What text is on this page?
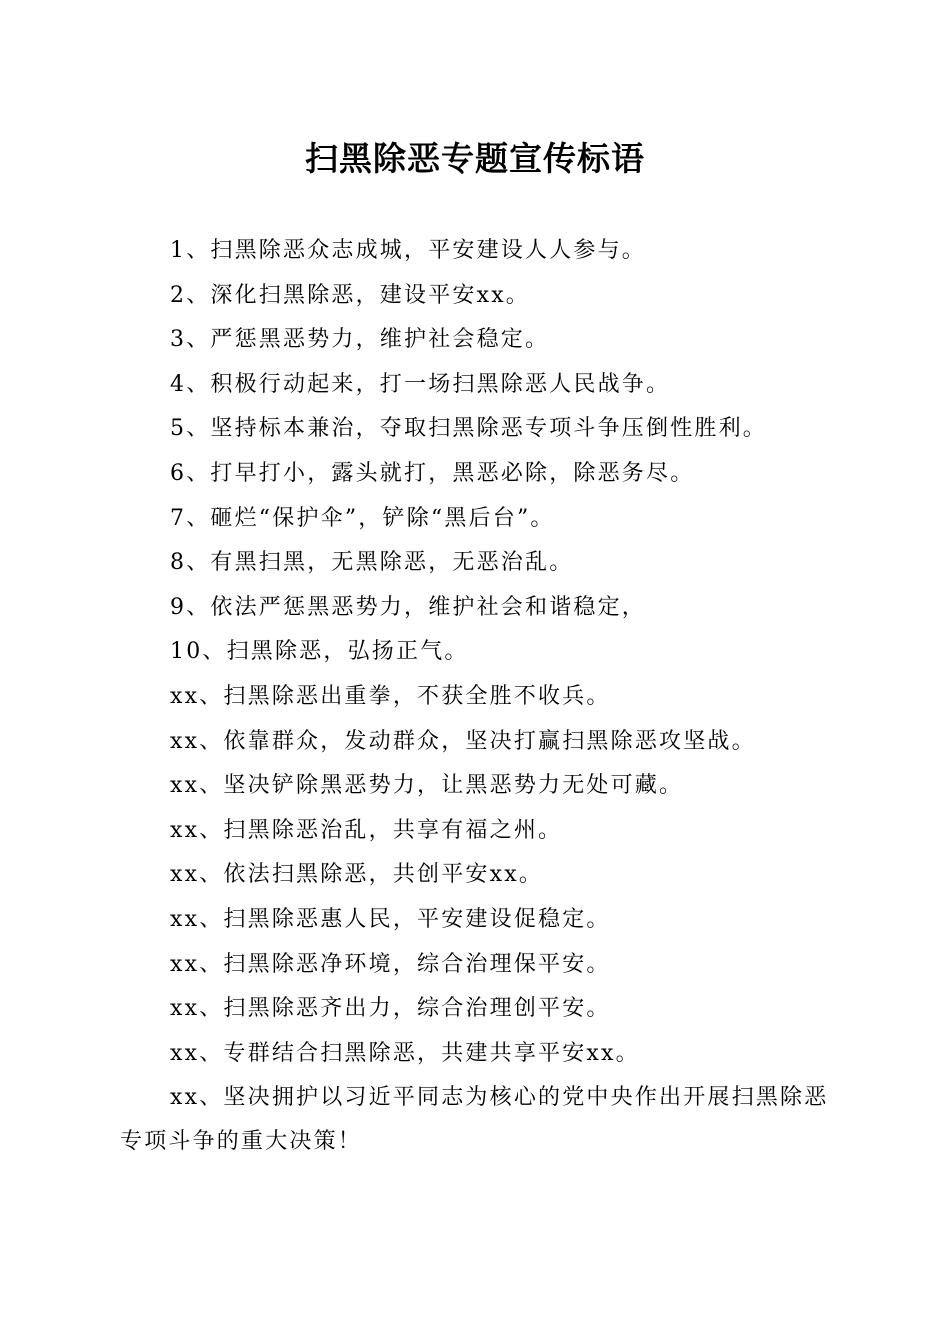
扫黑除恶专题宣传标语
1、扫黑除恶众志成城，平安建设人人参与。
2、深化扫黑除恶，建设平安xx。
3、严惩黑恶势力，维护社会稳定。
4、积极行动起来，打一场扫黑除恶人民战争。
5、坚持标本兼治，夺取扫黑除恶专项斗争压倒性胜利。
6、打早打小，露头就打，黑恶必除，除恶务尽。
7、砸烂“保护伞”，铲除“黑后台”。
8、有黑扫黑，无黑除恶，无恶治乱。
9、依法严惩黑恶势力，维护社会和谐稳定，
10、扫黑除恶，弘扬正气。
xx、扫黑除恶出重拳，不获全胜不收兵。
xx、依靠群众，发动群众，坚决打赢扫黑除恶攻坚战。
xx、坚决铲除黑恶势力，让黑恶势力无处可藏。
xx、扫黑除恶治乱，共享有福之州。
xx、依法扫黑除恶，共创平安xx。
xx、扫黑除恶惠人民，平安建设促稳定。
xx、扫黑除恶净环境，综合治理保平安。
xx、扫黑除恶齐出力，综合治理创平安。
xx、专群结合扫黑除恶，共建共享平安xx。
xx、坚决拥护以习近平同志为核心的党中央作出开展扫黑除恶专项斗争的重大决策！
